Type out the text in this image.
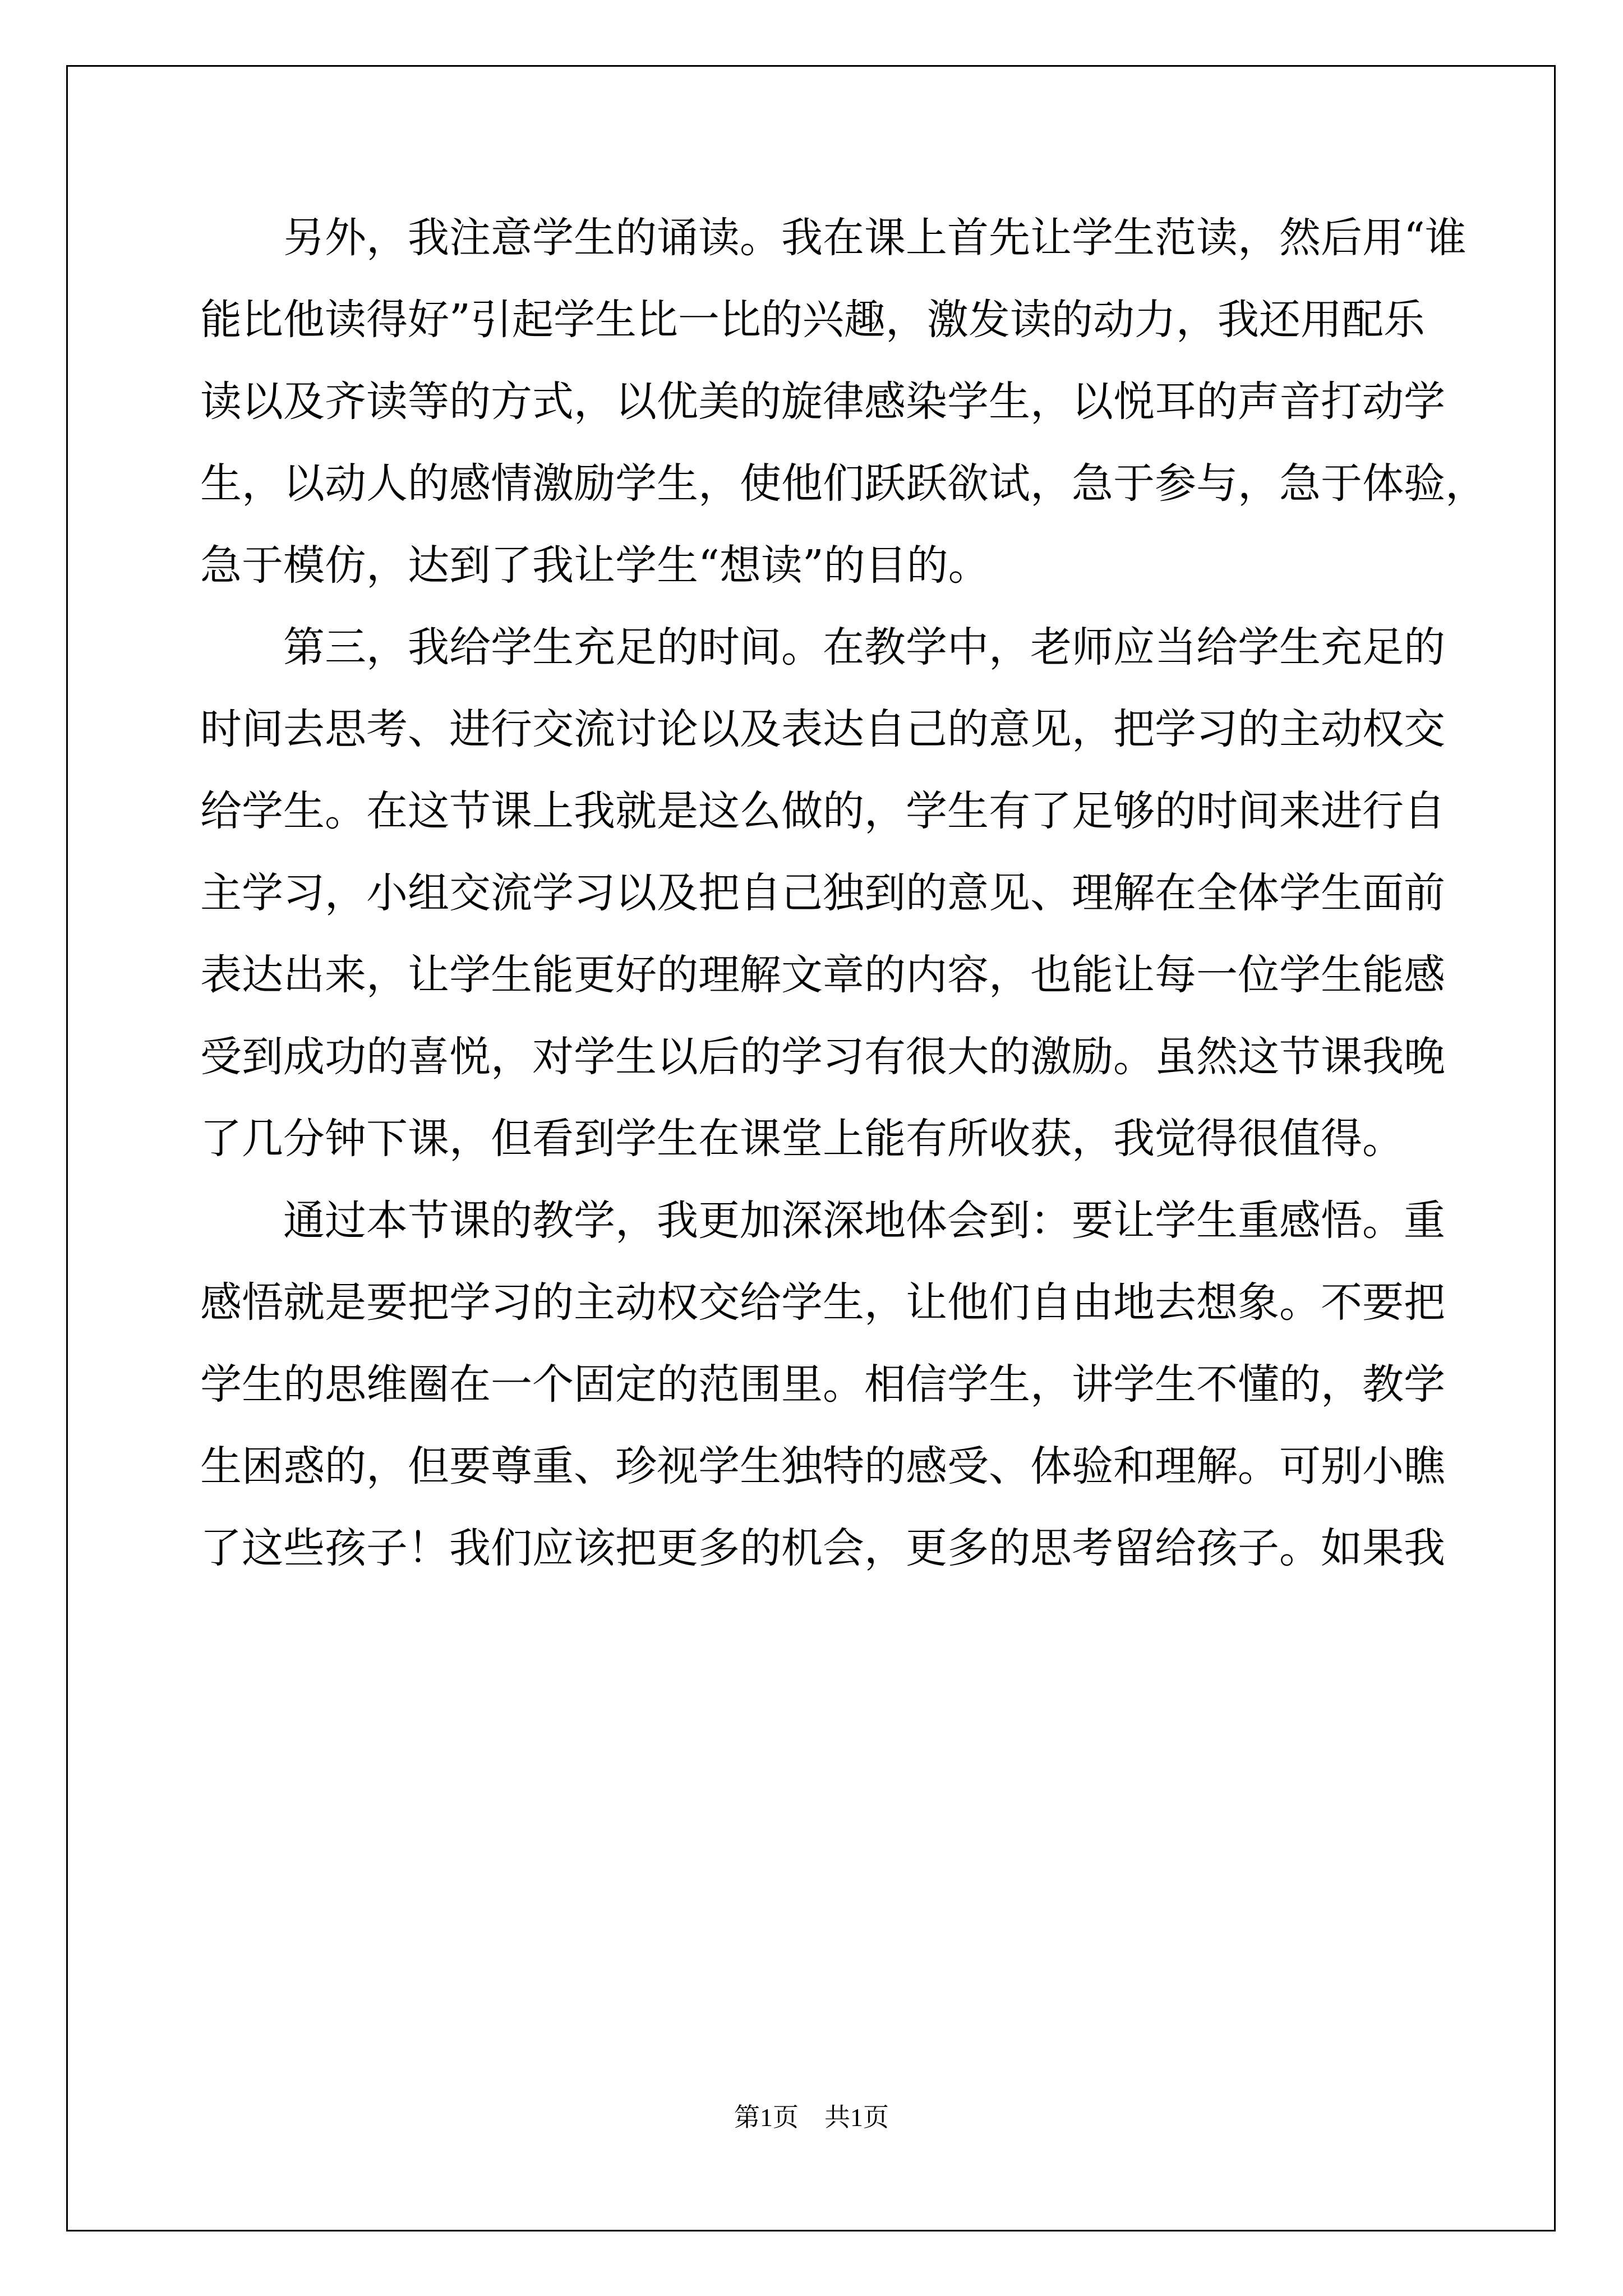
　　另外，我注意学生的诵读。我在课上首先让学生范读，然后用“谁
能比他读得好”引起学生比一比的兴趣，激发读的动力，我还用配乐
读以及齐读等的方式，以优美的旋律感染学生，以悦耳的声音打动学
生，以动人的感情激励学生，使他们跃跃欲试，急于参与，急于体验，
急于模仿，达到了我让学生“想读”的目的。
　　第三，我给学生充足的时间。在教学中，老师应当给学生充足的
时间去思考、进行交流讨论以及表达自己的意见，把学习的主动权交
给学生。在这节课上我就是这么做的，学生有了足够的时间来进行自
主学习，小组交流学习以及把自己独到的意见、理解在全体学生面前
表达出来，让学生能更好的理解文章的内容，也能让每一位学生能感
受到成功的喜悦，对学生以后的学习有很大的激励。虽然这节课我晚
了几分钟下课，但看到学生在课堂上能有所收获，我觉得很值得。
　　通过本节课的教学，我更加深深地体会到：要让学生重感悟。重
感悟就是要把学习的主动权交给学生，让他们自由地去想象。不要把
学生的思维圈在一个固定的范围里。相信学生，讲学生不懂的，教学
生困惑的，但要尊重、珍视学生独特的感受、体验和理解。可别小瞧
了这些孩子！我们应该把更多的机会，更多的思考留给孩子。如果我
第1页　共1页
